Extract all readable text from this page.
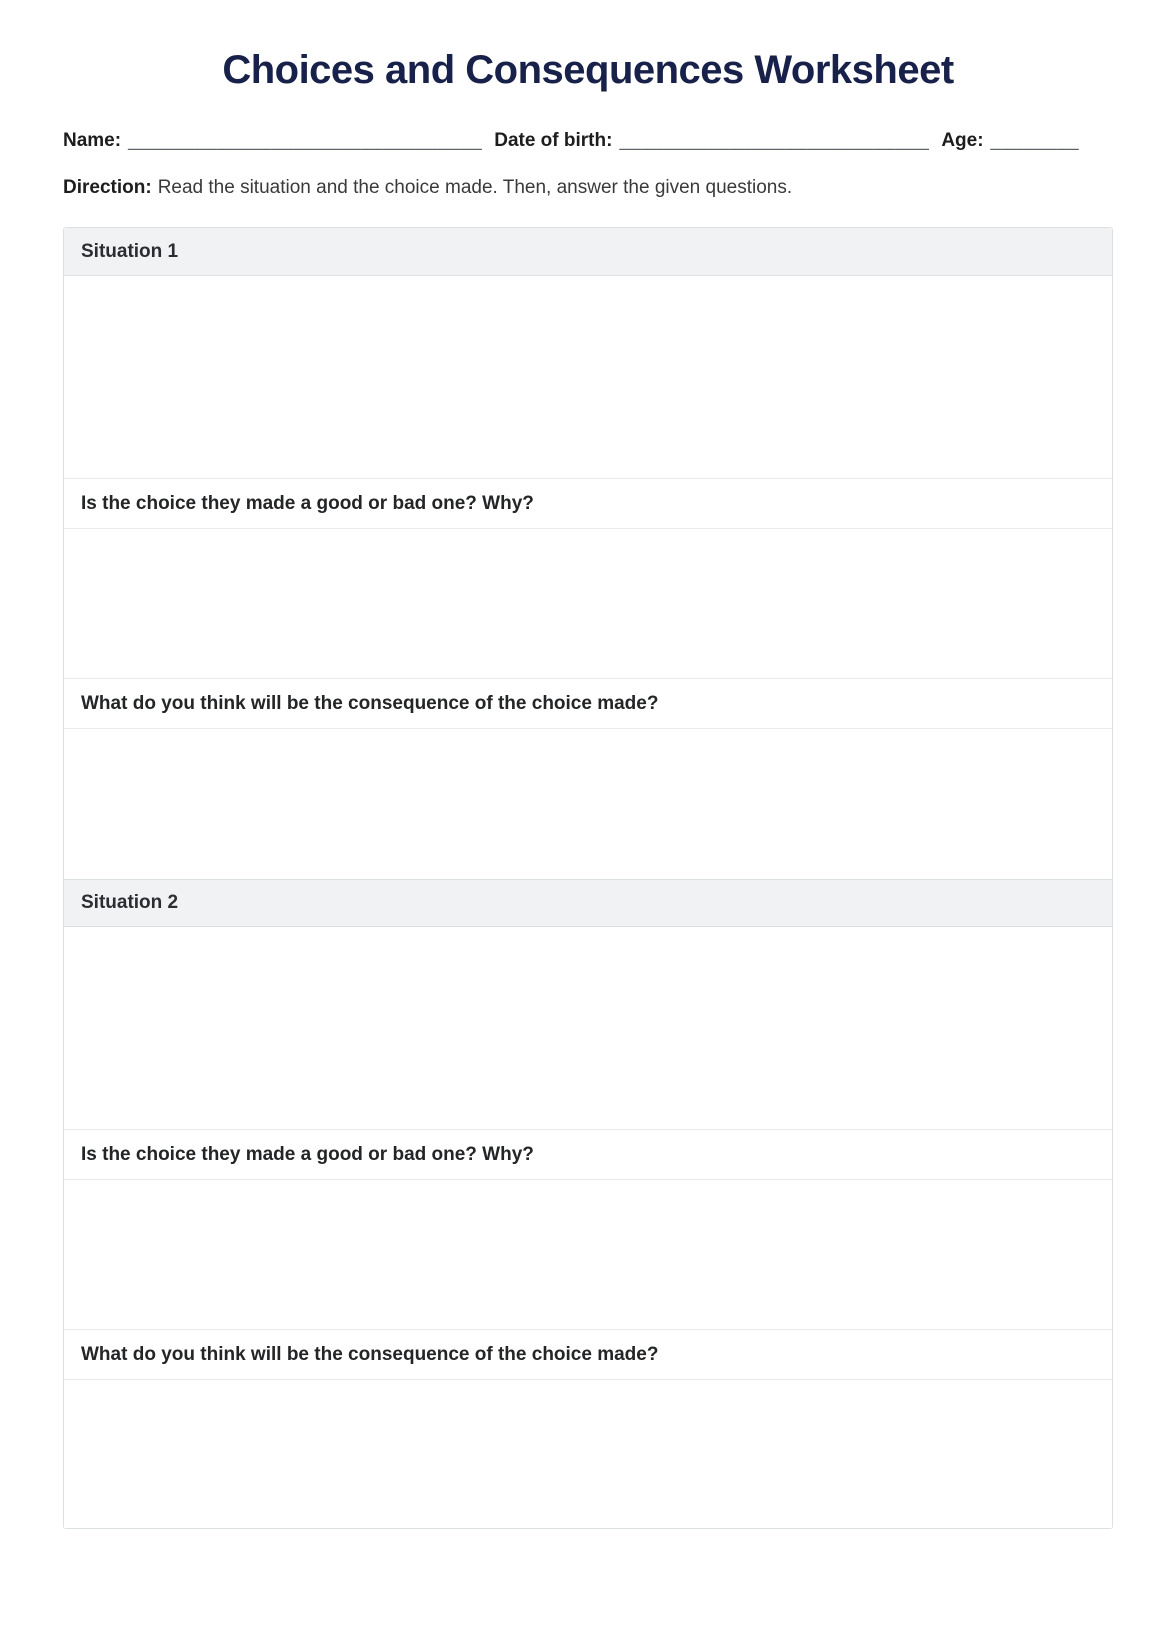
Choices and Consequences Worksheet
Name: ________________________________ Date of birth: ____________________________ Age: ________
Direction: Read the situation and the choice made. Then, answer the given questions.
Situation 1
Is the choice they made a good or bad one? Why?
What do you think will be the consequence of the choice made?
Situation 2
Is the choice they made a good or bad one? Why?
What do you think will be the consequence of the choice made?
